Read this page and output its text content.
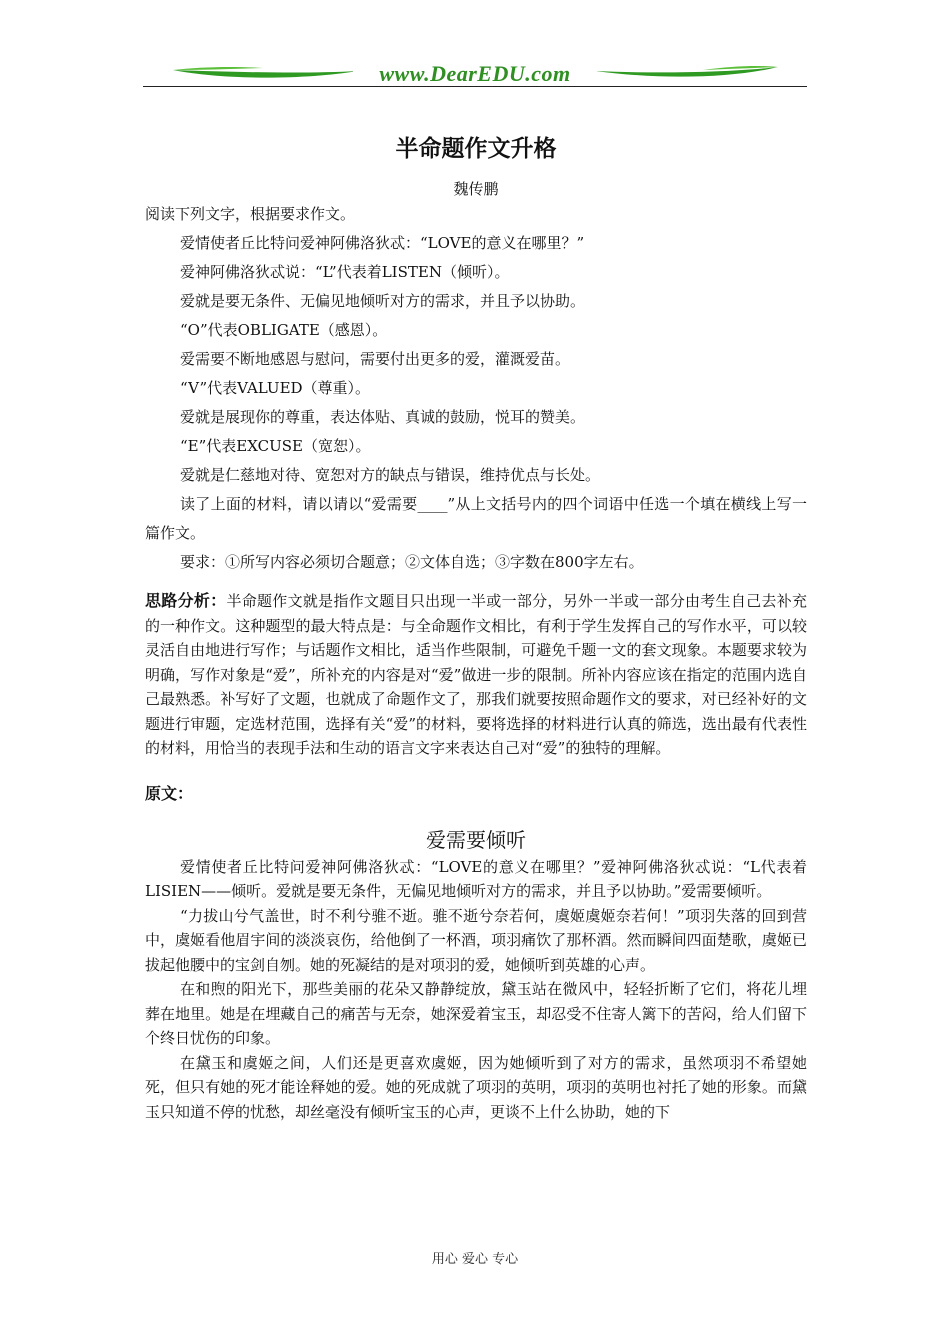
www.DearEDU.com
半命题作文升格
魏传鹏
阅读下列文字，根据要求作文。
爱情使者丘比特问爱神阿佛洛狄忒：“LOVE的意义在哪里？”
爱神阿佛洛狄忒说：“L”代表着LISTEN（倾听）。
爱就是要无条件、无偏见地倾听对方的需求，并且予以协助。
“O”代表OBLIGATE（感恩）。
爱需要不断地感恩与慰问，需要付出更多的爱，灌溉爱苗。
“V”代表VALUED（尊重）。
爱就是展现你的尊重，表达体贴、真诚的鼓励，悦耳的赞美。
“E”代表EXCUSE（宽恕）。
爱就是仁慈地对待、宽恕对方的缺点与错误，维持优点与长处。
读了上面的材料，请以请以“爱需要____”从上文括号内的四个词语中任选一个填在横线上写一篇作文。
要求：①所写内容必须切合题意；②文体自选；③字数在800字左右。
思路分析：半命题作文就是指作文题目只出现一半或一部分，另外一半或一部分由考生自己去补充的一种作文。这种题型的最大特点是：与全命题作文相比，有利于学生发挥自己的写作水平，可以较灵活自由地进行写作；与话题作文相比，适当作些限制，可避免千题一文的套文现象。本题要求较为明确，写作对象是“爱”，所补充的内容是对“爱”做进一步的限制。所补内容应该在指定的范围内选自己最熟悉。补写好了文题，也就成了命题作文了，那我们就要按照命题作文的要求，对已经补好的文题进行审题，定选材范围，选择有关“爱”的材料，要将选择的材料进行认真的筛选，选出最有代表性的材料，用恰当的表现手法和生动的语言文字来表达自己对“爱”的独特的理解。
原文：
爱需要倾听

爱情使者丘比特问爱神阿佛洛狄忒：“LOVE的意义在哪里？”爱神阿佛洛狄忒说：“L代表着LISIEN——倾听。爱就是要无条件，无偏见地倾听对方的需求，并且予以协助。”爱需要倾听。

“力拔山兮气盖世，时不利兮骓不逝。骓不逝兮奈若何，虞姬虞姬奈若何！”项羽失落的回到营中，虞姬看他眉宇间的淡淡哀伤，给他倒了一杯酒，项羽痛饮了那杯酒。然而瞬间四面楚歌，虞姬已拔起他腰中的宝剑自刎。她的死凝结的是对项羽的爱，她倾听到英雄的心声。

在和煦的阳光下，那些美丽的花朵又静静绽放，黛玉站在微风中，轻轻折断了它们，将花儿埋葬在地里。她是在埋藏自己的痛苦与无奈，她深爱着宝玉，却忍受不住寄人篱下的苦闷，给人们留下个终日忧伤的印象。

在黛玉和虞姬之间，人们还是更喜欢虞姬，因为她倾听到了对方的需求，虽然项羽不希望她死，但只有她的死才能诠释她的爱。她的死成就了项羽的英明，项羽的英明也衬托了她的形象。而黛玉只知道不停的忧愁，却丝毫没有倾听宝玉的心声，更谈不上什么协助，她的下

用心 爱心 专心
